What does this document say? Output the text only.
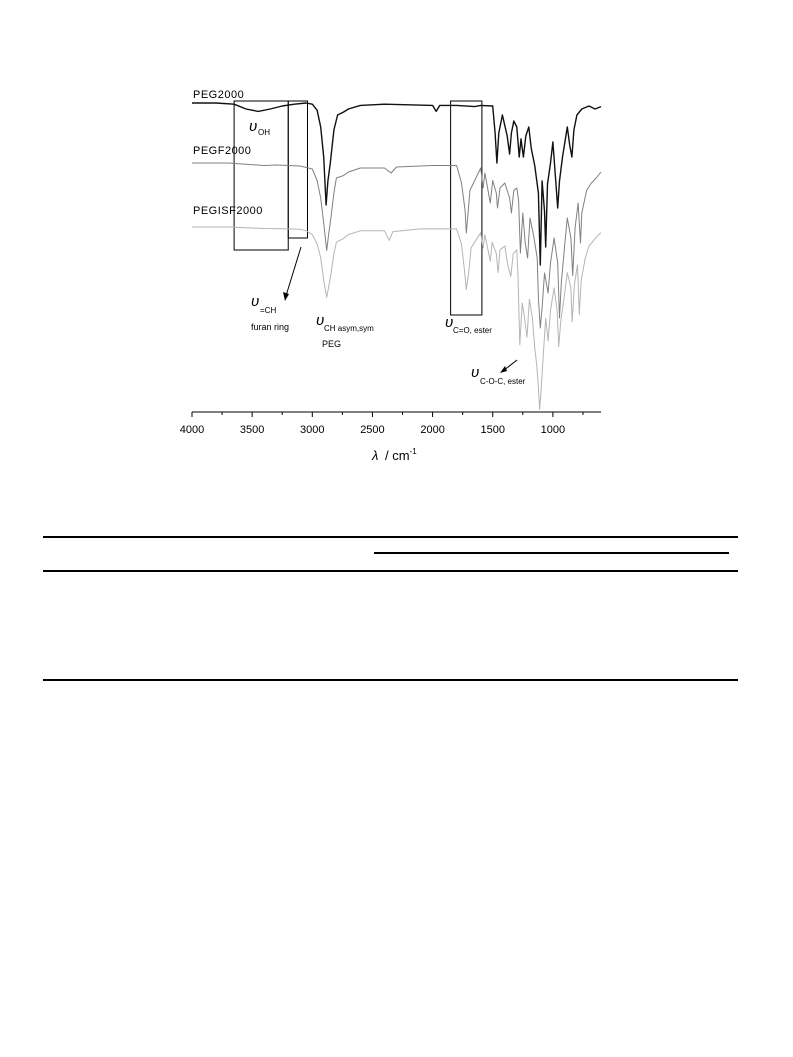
4000	3500	3000	2500	2000	1500	1000
λ / $cm^{-1}$
PEG2000
PEGF2000
PEGISF2000
υ OH
υ
=CH
furan ring υ CH asym,sym
PEG
υ C=O, ester
υ
C-O-C, ester
